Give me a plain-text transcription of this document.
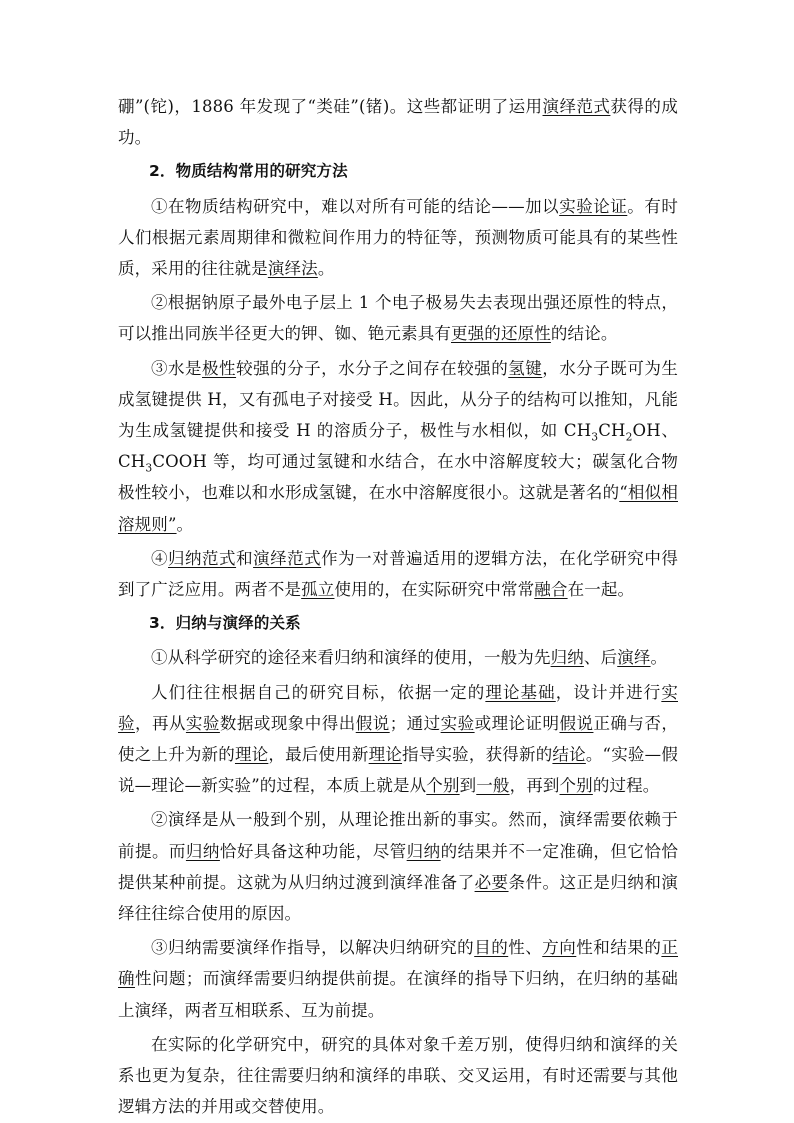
硼”(铊)，1886 年发现了“类硅”(锗)。这些都证明了运用演绎范式获得的成功。

2．物质结构常用的研究方法

①在物质结构研究中，难以对所有可能的结论——加以实验论证。有时人们根据元素周期律和微粒间作用力的特征等，预测物质可能具有的某些性质，采用的往往就是演绎法。

②根据钠原子最外电子层上 1 个电子极易失去表现出强还原性的特点，可以推出同族半径更大的钾、铷、铯元素具有更强的还原性的结论。

③水是极性较强的分子，水分子之间存在较强的氢键，水分子既可为生成氢键提供 H，又有孤电子对接受 H。因此，从分子的结构可以推知，凡能为生成氢键提供和接受 H 的溶质分子，极性与水相似，如 $CH_3CH_2OH$、$CH_3COOH$ 等，均可通过氢键和水结合，在水中溶解度较大；碳氢化合物极性较小，也难以和水形成氢键，在水中溶解度很小。这就是著名的“相似相溶规则”。

④归纳范式和演绎范式作为一对普遍适用的逻辑方法，在化学研究中得到了广泛应用。两者不是孤立使用的，在实际研究中常常融合在一起。

3．归纳与演绎的关系

①从科学研究的途径来看归纳和演绎的使用，一般为先归纳、后演绎。

人们往往根据自己的研究目标，依据一定的理论基础，设计并进行实验，再从实验数据或现象中得出假说；通过实验或理论证明假说正确与否，使之上升为新的理论，最后使用新理论指导实验，获得新的结论。“实验—假说—理论—新实验”的过程，本质上就是从个别到一般，再到个别的过程。

②演绎是从一般到个别，从理论推出新的事实。然而，演绎需要依赖于前提。而归纳恰好具备这种功能，尽管归纳的结果并不一定准确，但它恰恰提供某种前提。这就为从归纳过渡到演绎准备了必要条件。这正是归纳和演绎往往综合使用的原因。

③归纳需要演绎作指导，以解决归纳研究的目的性、方向性和结果的正确性问题；而演绎需要归纳提供前提。在演绎的指导下归纳，在归纳的基础上演绎，两者互相联系、互为前提。

在实际的化学研究中，研究的具体对象千差万别，使得归纳和演绎的关系也更为复杂，往往需要归纳和演绎的串联、交叉运用，有时还需要与其他逻辑方法的并用或交替使用。
